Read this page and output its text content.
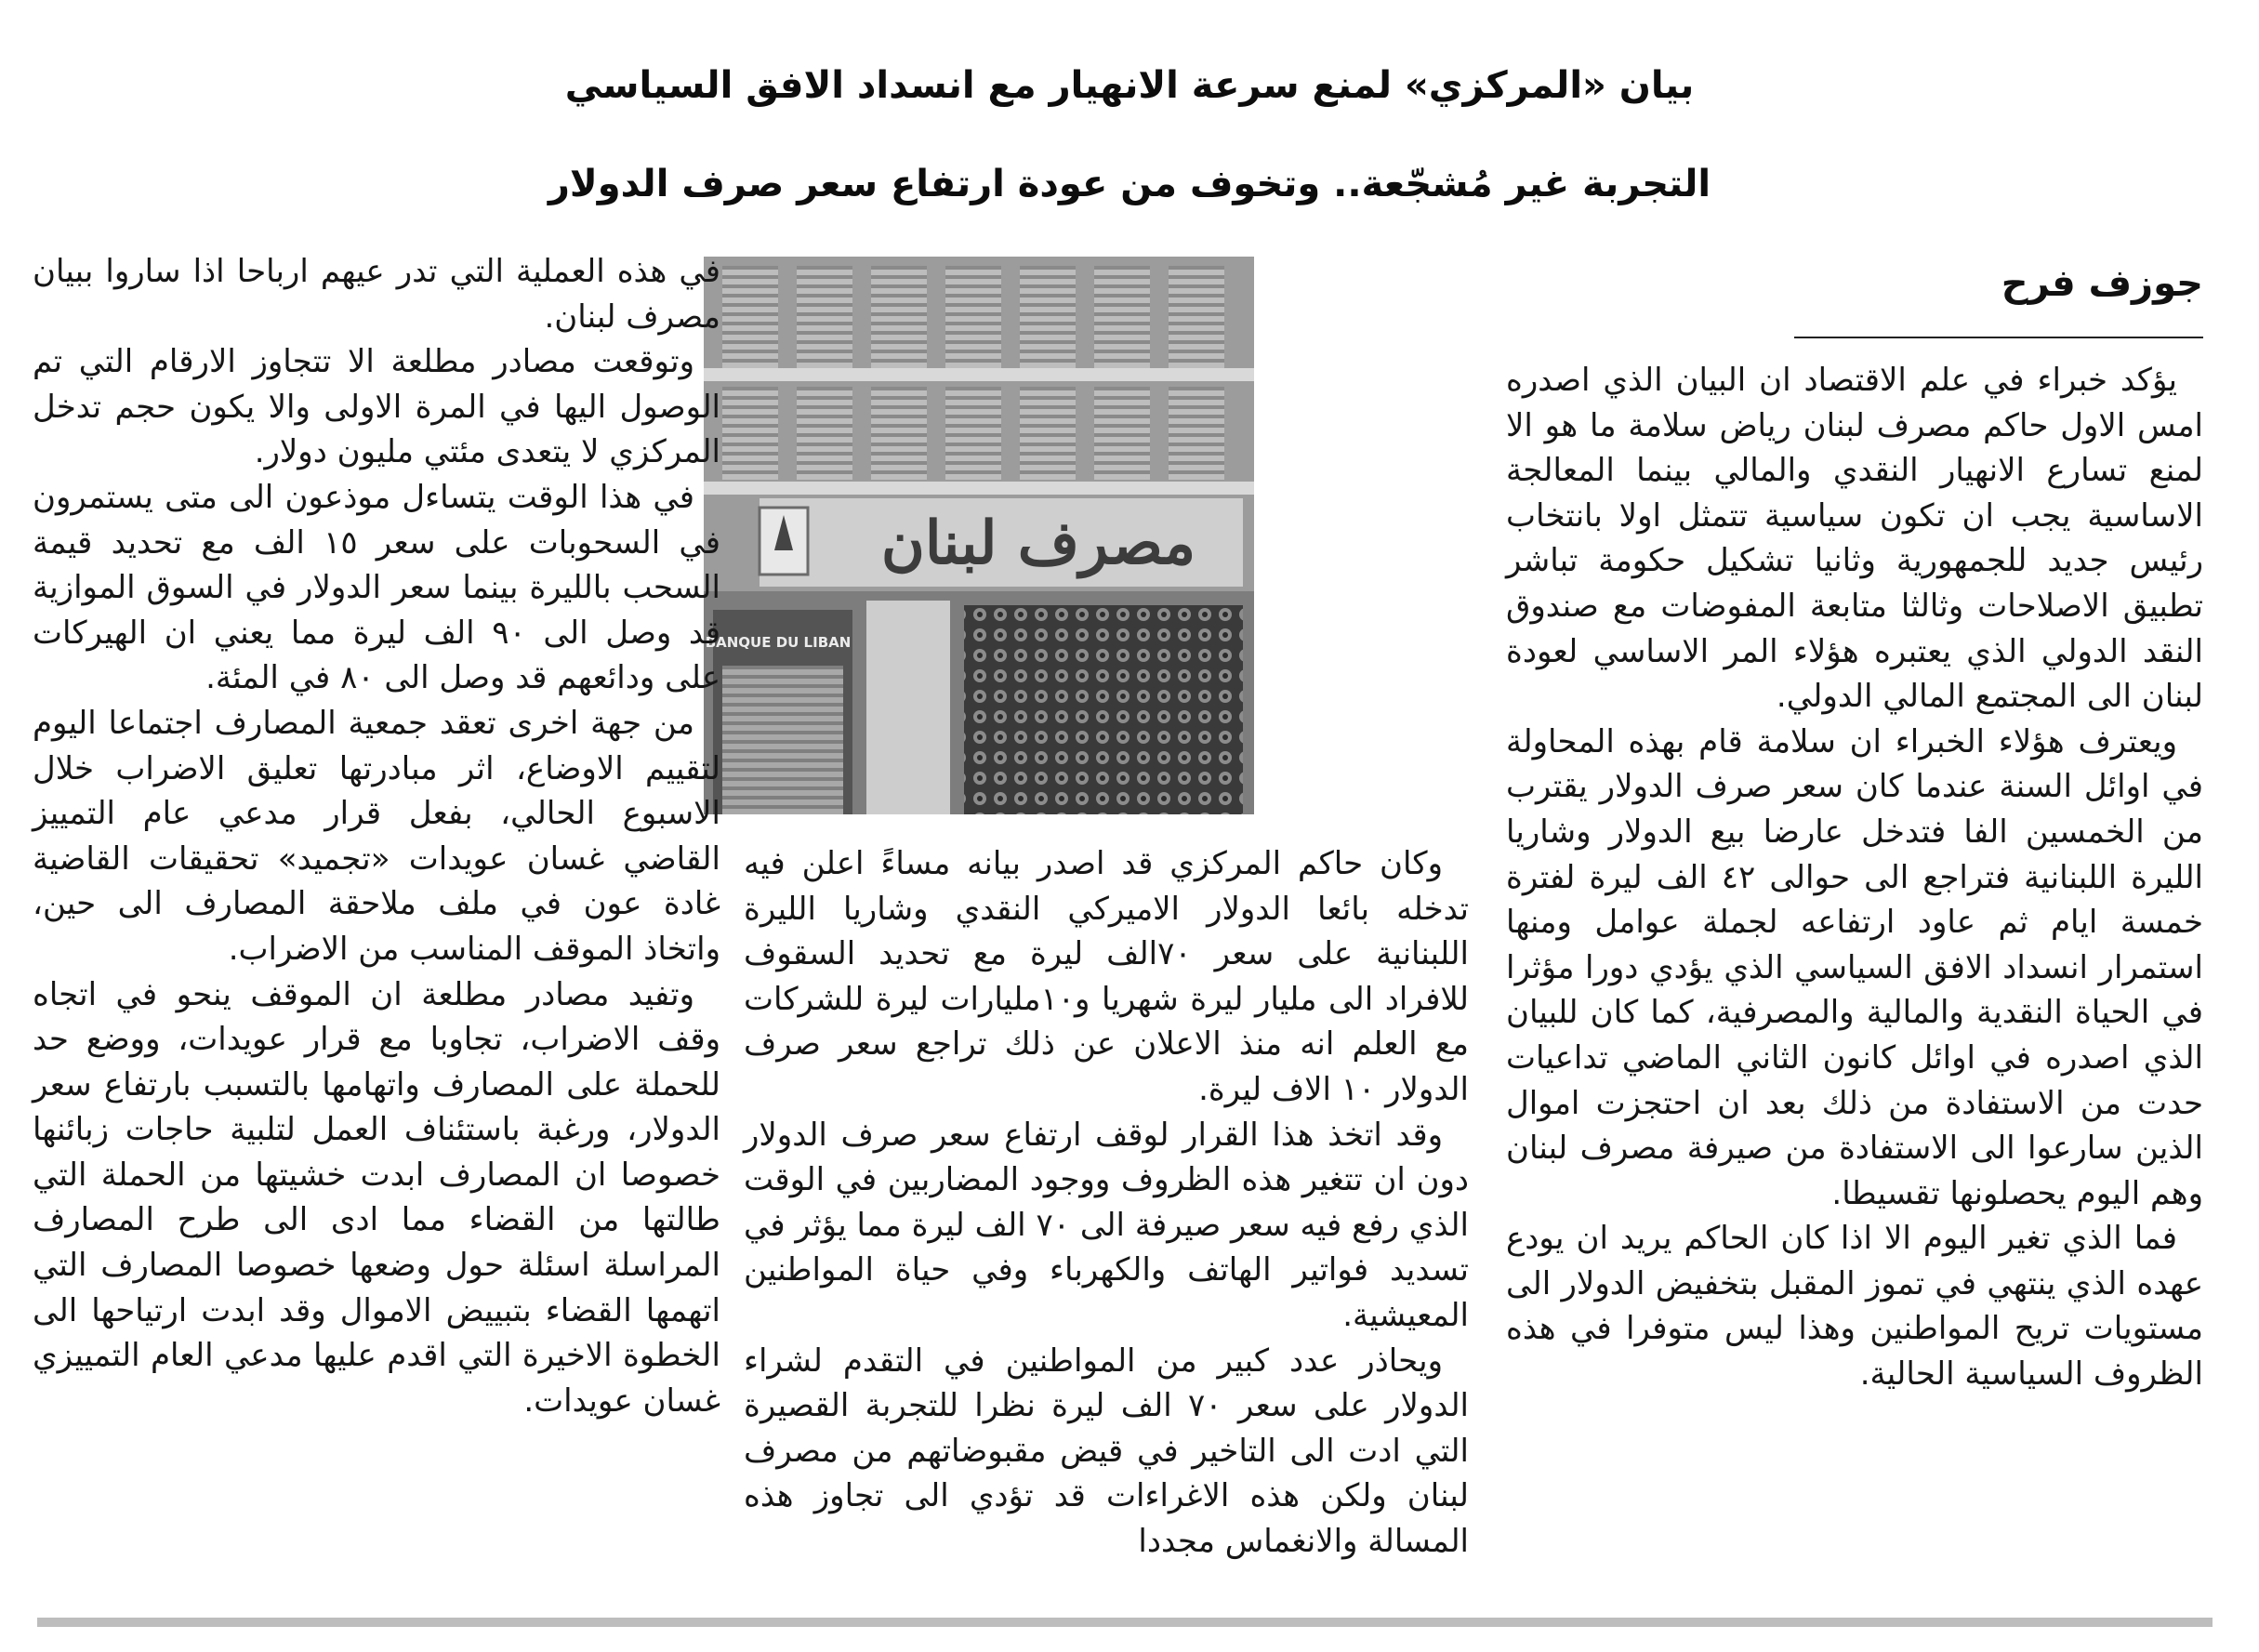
بيان «المركزي» لمنع سرعة الانهيار مع انسداد الافق السياسي
التجربة غير مُشجّعة.. وتخوف من عودة ارتفاع سعر صرف الدولار
جوزف فرح
مصرف لبنان
BANQUE DU LIBAN

يؤكد خبراء في علم الاقتصاد ان البيان الذي اصدره امس الاول حاكم مصرف لبنان رياض سلامة ما هو الا لمنع تسارع الانهيار النقدي والمالي بينما المعالجة الاساسية يجب ان تكون سياسية تتمثل اولا بانتخاب رئيس جديد للجمهورية وثانيا تشكيل حكومة تباشر تطبيق الاصلاحات وثالثا متابعة المفوضات مع صندوق النقد الدولي الذي يعتبره هؤلاء المر الاساسي لعودة لبنان الى المجتمع المالي الدولي.

ويعترف هؤلاء الخبراء ان سلامة قام بهذه المحاولة في اوائل السنة عندما كان سعر صرف الدولار يقترب من الخمسين الفا فتدخل عارضا بيع الدولار وشاريا الليرة اللبنانية فتراجع الى حوالى ٤٢ الف ليرة لفترة خمسة ايام ثم عاود ارتفاعه لجملة عوامل ومنها استمرار انسداد الافق السياسي الذي يؤدي دورا مؤثرا في الحياة النقدية والمالية والمصرفية، كما كان للبيان الذي اصدره في اوائل كانون الثاني الماضي تداعيات حدت من الاستفادة من ذلك بعد ان احتجزت اموال الذين سارعوا الى الاستفادة من صيرفة مصرف لبنان وهم اليوم يحصلونها تقسيطا.

فما الذي تغير اليوم الا اذا كان الحاكم يريد ان يودع عهده الذي ينتهي في تموز المقبل بتخفيض الدولار الى مستويات تريح المواطنين وهذا ليس متوفرا في هذه الظروف السياسية الحالية.

وكان حاكم المركزي قد اصدر بيانه مساءً اعلن فيه تدخله بائعا الدولار الاميركي النقدي وشاريا الليرة اللبنانية على سعر ٧٠الف ليرة مع تحديد السقوف للافراد الى مليار ليرة شهريا و١٠مليارات ليرة للشركات مع العلم انه منذ الاعلان عن ذلك تراجع سعر صرف الدولار ١٠ الاف ليرة.

وقد اتخذ هذا القرار لوقف ارتفاع سعر صرف الدولار دون ان تتغير هذه الظروف ووجود المضاربين في الوقت الذي رفع فيه سعر صيرفة الى ٧٠ الف ليرة مما يؤثر في تسديد فواتير الهاتف والكهرباء وفي حياة المواطنين المعيشية.

ويحاذر عدد كبير من المواطنين في التقدم لشراء الدولار على سعر ٧٠ الف ليرة نظرا للتجربة القصيرة التي ادت الى التاخير في قيض مقبوضاتهم من مصرف لبنان ولكن هذه الاغراءات قد تؤدي الى تجاوز هذه المسالة والانغماس مجددا

في هذه العملية التي تدر عيهم ارباحا اذا ساروا ببيان مصرف لبنان.

وتوقعت مصادر مطلعة الا تتجاوز الارقام التي تم الوصول اليها في المرة الاولى والا يكون حجم تدخل المركزي لا يتعدى مئتي مليون دولار.

في هذا الوقت يتساءل موذعون الى متى يستمرون في السحوبات على سعر ١٥ الف مع تحديد قيمة السحب بالليرة بينما سعر الدولار في السوق الموازية قد وصل الى ٩٠ الف ليرة مما يعني ان الهيركات على ودائعهم قد وصل الى ٨٠ في المئة.

من جهة اخرى تعقد جمعية المصارف اجتماعا اليوم لتقييم الاوضاع، اثر مبادرتها تعليق الاضراب خلال الاسبوع الحالي، بفعل قرار مدعي عام التمييز القاضي غسان عويدات «تجميد» تحقيقات القاضية غادة عون في ملف ملاحقة المصارف الى حين، واتخاذ الموقف المناسب من الاضراب.

وتفيد مصادر مطلعة ان الموقف ينحو في اتجاه وقف الاضراب، تجاوبا مع قرار عويدات، ووضع حد للحملة على المصارف واتهامها بالتسبب بارتفاع سعر الدولار، ورغبة باستئناف العمل لتلبية حاجات زبائنها خصوصا ان المصارف ابدت خشيتها من الحملة التي طالتها من القضاء مما ادى الى طرح المصارف المراسلة اسئلة حول وضعها خصوصا المصارف التي اتهمها القضاء بتبييض الاموال وقد ابدت ارتياحها الى الخطوة الاخيرة التي اقدم عليها مدعي العام التمييزي غسان عويدات.
